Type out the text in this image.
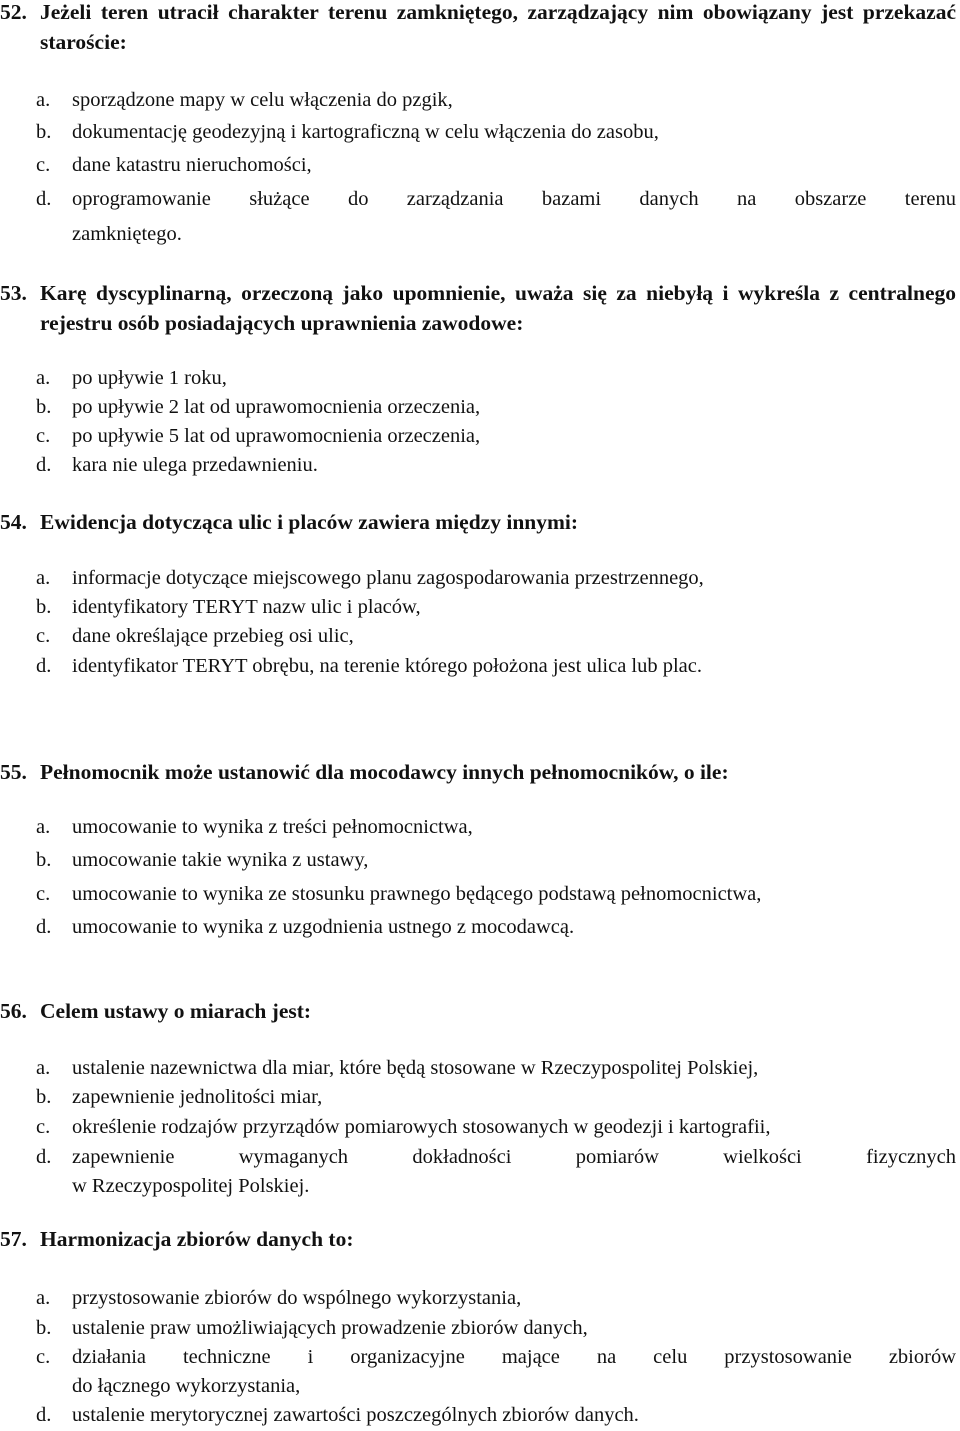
52. Jeżeli teren utracił charakter terenu zamkniętego, zarządzający nim obowiązany jest przekazać staroście:
a. sporządzone mapy w celu włączenia do pzgik,
b. dokumentację geodezyjną i kartograficzną w celu włączenia do zasobu,
c. dane katastru nieruchomości,
d. oprogramowanie służące do zarządzania bazami danych na obszarze terenu
zamkniętego.
53. Karę dyscyplinarną, orzeczoną jako upomnienie, uważa się za niebyłą i wykreśla z centralnego rejestru osób posiadających uprawnienia zawodowe:
a. po upływie 1 roku,
b. po upływie 2 lat od uprawomocnienia orzeczenia,
c. po upływie 5 lat od uprawomocnienia orzeczenia,
d. kara nie ulega przedawnieniu.
54. Ewidencja dotycząca ulic i placów zawiera między innymi:
a. informacje dotyczące miejscowego planu zagospodarowania przestrzennego,
b. identyfikatory TERYT nazw ulic i placów,
c. dane określające przebieg osi ulic,
d. identyfikator TERYT obrębu, na terenie którego położona jest ulica lub plac.
55. Pełnomocnik może ustanowić dla mocodawcy innych pełnomocników, o ile:
a. umocowanie to wynika z treści pełnomocnictwa,
b. umocowanie takie wynika z ustawy,
c. umocowanie to wynika ze stosunku prawnego będącego podstawą pełnomocnictwa,
d. umocowanie to wynika z uzgodnienia ustnego z mocodawcą.
56. Celem ustawy o miarach jest:
a. ustalenie nazewnictwa dla miar, które będą stosowane w Rzeczypospolitej Polskiej,
b. zapewnienie jednolitości miar,
c. określenie rodzajów przyrządów pomiarowych stosowanych w geodezji i kartografii,
d. zapewnienie wymaganych dokładności pomiarów wielkości fizycznych
w Rzeczypospolitej Polskiej.
57. Harmonizacja zbiorów danych to:
a. przystosowanie zbiorów do wspólnego wykorzystania,
b. ustalenie praw umożliwiających prowadzenie zbiorów danych,
c. działania techniczne i organizacyjne mające na celu przystosowanie zbiorów
do łącznego wykorzystania,
d. ustalenie merytorycznej zawartości poszczególnych zbiorów danych.
